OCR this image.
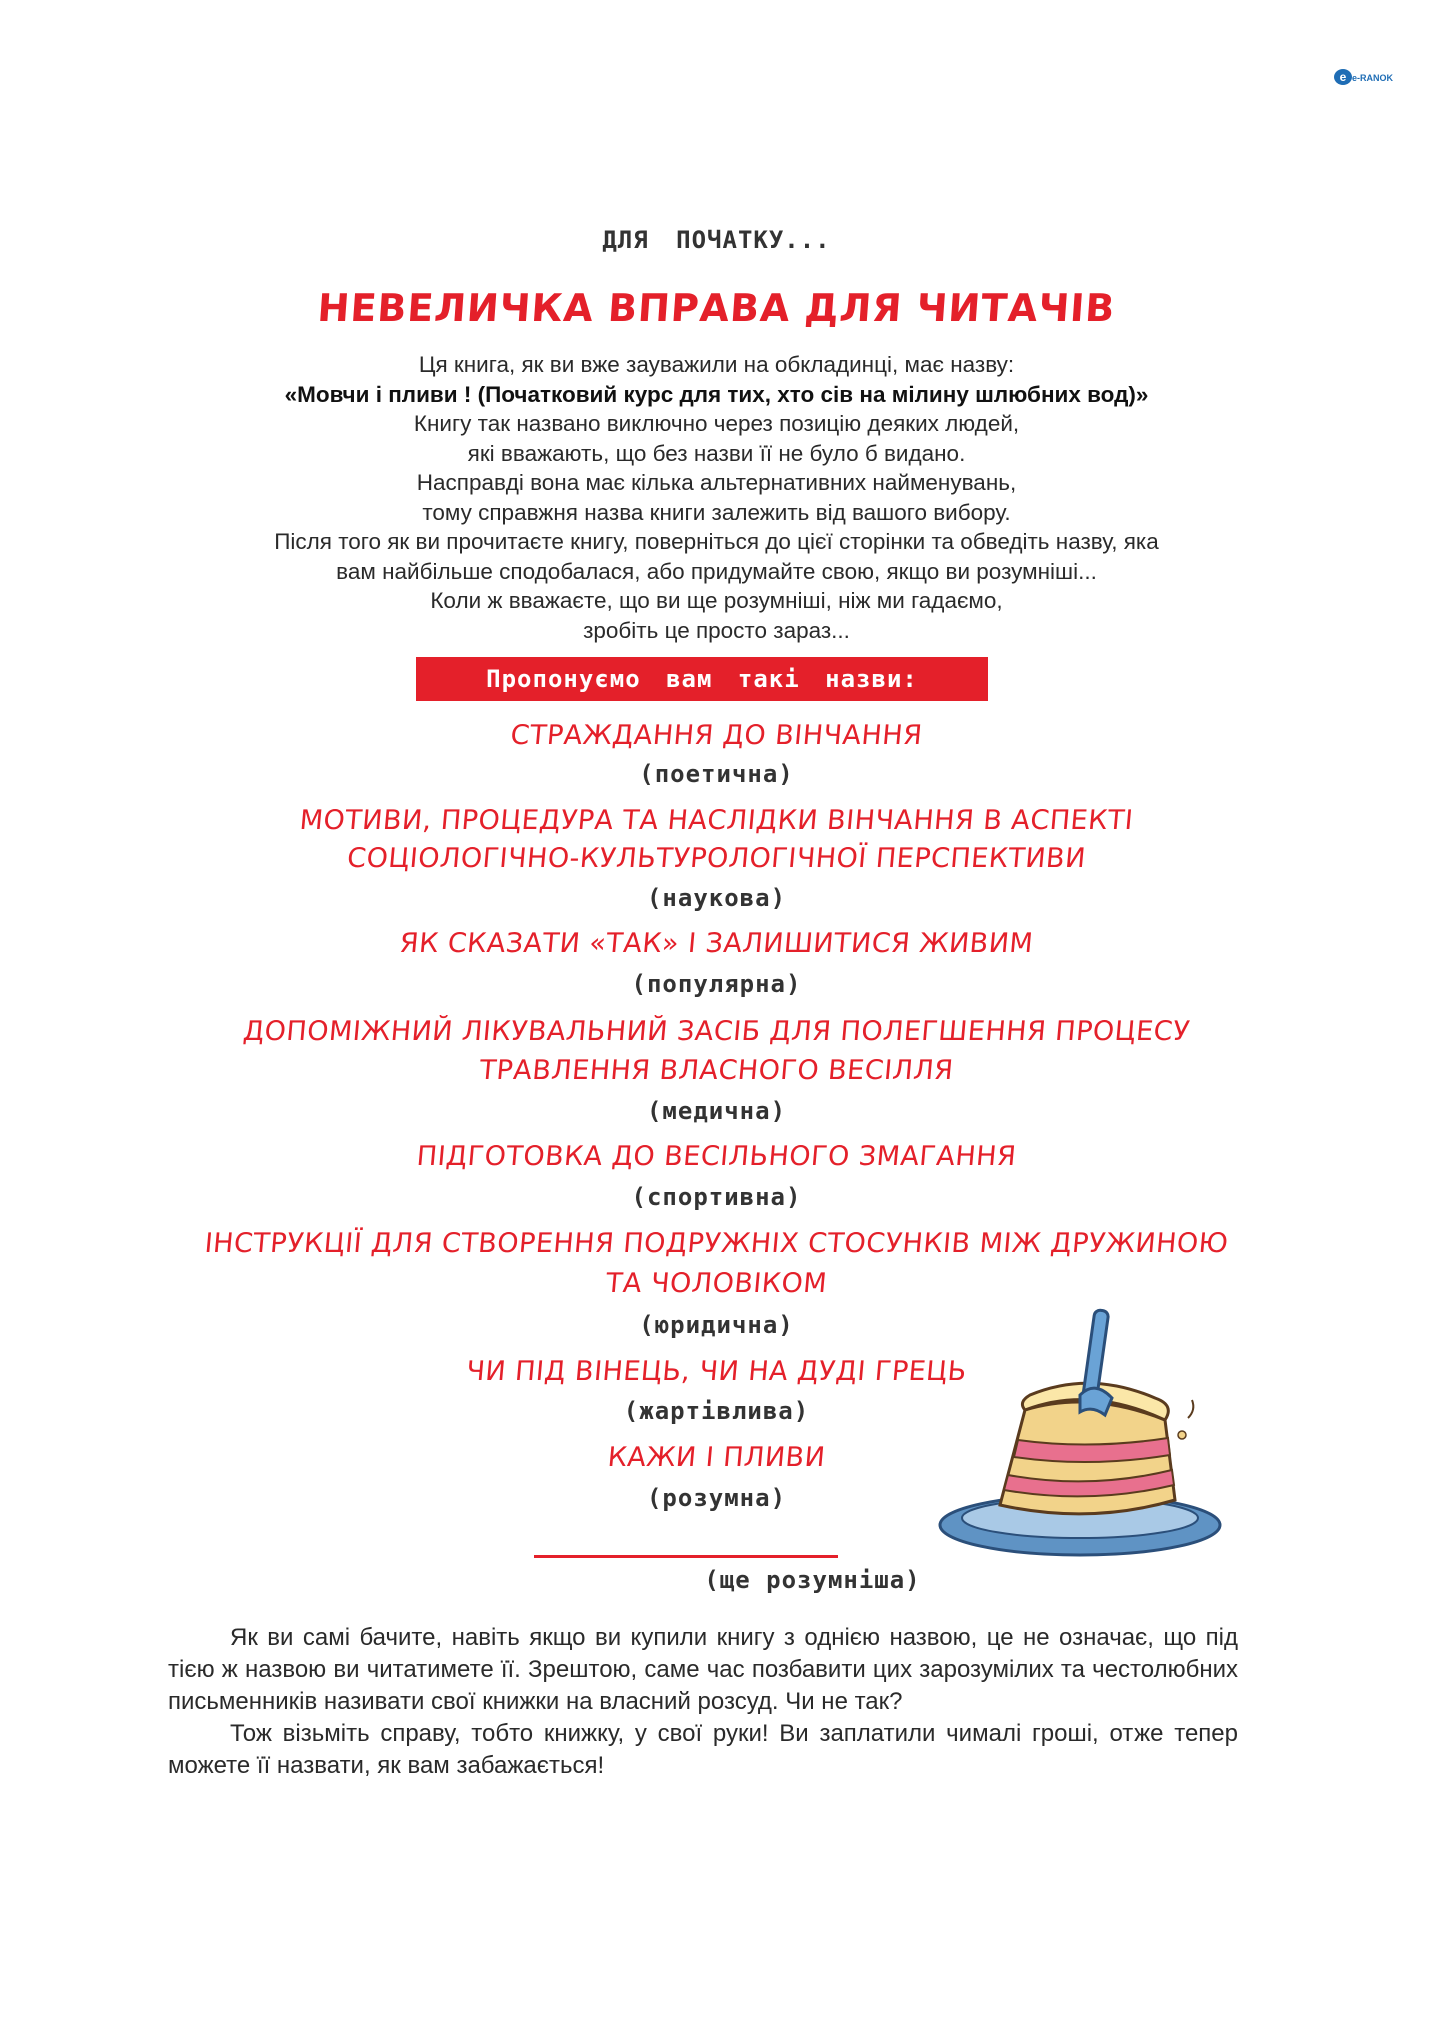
e e-RANOK
ДЛЯ ПОЧАТКУ...
НЕВЕЛИЧКА ВПРАВА ДЛЯ ЧИТАЧІВ
Ця книга, як ви вже зауважили на обкладинці, має назву:
«Мовчи і пливи ! (Початковий курс для тих, хто сів на мілину шлюбних вод)»
Книгу так названо виключно через позицію деяких людей,
які вважають, що без назви її не було б видано.
Насправді вона має кілька альтернативних найменувань,
тому справжня назва книги залежить від вашого вибору.
Після того як ви прочитаєте книгу, поверніться до цієї сторінки та обведіть назву, яка
вам найбільше сподобалася, або придумайте свою, якщо ви розумніші...
Коли ж вважаєте, що ви ще розумніші, ніж ми гадаємо,
зробіть це просто зараз...
Пропонуємо вам такі назви:
СТРАЖДАННЯ ДО ВІНЧАННЯ
(поетична)
МОТИВИ, ПРОЦЕДУРА ТА НАСЛІДКИ ВІНЧАННЯ В АСПЕКТІ
СОЦІОЛОГІЧНО-КУЛЬТУРОЛОГІЧНОЇ ПЕРСПЕКТИВИ
(наукова)
ЯК СКАЗАТИ «ТАК» І ЗАЛИШИТИСЯ ЖИВИМ
(популярна)
ДОПОМІЖНИЙ ЛІКУВАЛЬНИЙ ЗАСІБ ДЛЯ ПОЛЕГШЕННЯ ПРОЦЕСУ
ТРАВЛЕННЯ ВЛАСНОГО ВЕСІЛЛЯ
(медична)
ПІДГОТОВКА ДО ВЕСІЛЬНОГО ЗМАГАННЯ
(спортивна)
ІНСТРУКЦІЇ ДЛЯ СТВОРЕННЯ ПОДРУЖНІХ СТОСУНКІВ МІЖ ДРУЖИНОЮ
ТА ЧОЛОВІКОМ
(юридична)
ЧИ ПІД ВІНЕЦЬ, ЧИ НА ДУДІ ГРЕЦЬ
(жартівлива)
КАЖИ І ПЛИВИ
(розумна)
(ще розумніша)

Як ви самі бачите, навіть якщо ви купили книгу з однією назвою, це не означає, що під тією ж назвою ви читатимете її. Зрештою, саме час позбавити цих зарозумілих та честолюбних письменників називати свої книжки на власний розсуд. Чи не так?

Тож візьміть справу, тобто книжку, у свої руки! Ви заплатили чималі гроші, отже тепер можете її назвати, як вам забажається!
